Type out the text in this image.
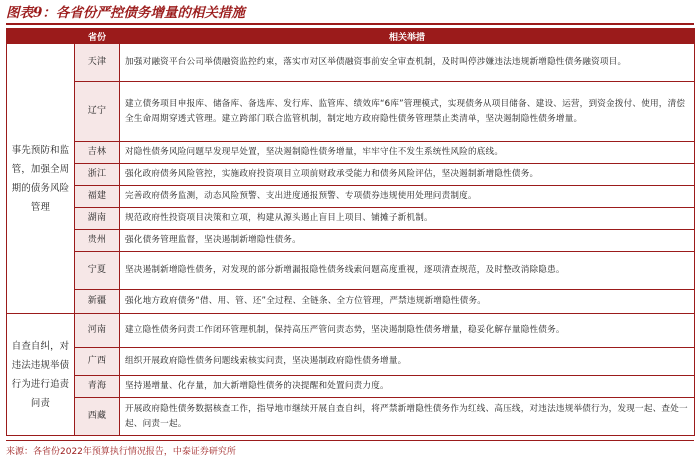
图表9：各省份严控债务增量的相关措施
	省份	相关举措
事先预防和监管，加强全周期的债务风险管理	天津	加强对融资平台公司举债融资监控约束，落实市对区举债融资事前安全审查机制，及时叫停涉嫌违法违规新增隐性债务融资项目。
	辽宁	建立债务项目申报库、储备库、备选库、发行库、监管库、绩效库“6库”管理模式，实现债务从项目储备、建设、运营，到资金拨付、使用，清偿全生命周期穿透式管理。建立跨部门联合监管机制，制定地方政府隐性债务管理禁止类清单，坚决遏制隐性债务增量。
	吉林	对隐性债务风险问题早发现早处置，坚决遏制隐性债务增量，牢牢守住不发生系统性风险的底线。
	浙江	强化政府债务风险管控，实施政府投资项目立项前财政承受能力和债务风险评估，坚决遏制新增隐性债务。
	福建	完善政府债务监测，动态风险预警、支出进度通报预警、专项债券违规使用处理问责制度。
	湖南	规范政府性投资项目决策和立项，构建从源头遏止盲目上项目、铺摊子新机制。
	贵州	强化债务管理监督，坚决遏制新增隐性债务。
	宁夏	坚决遏制新增隐性债务，对发现的部分新增漏报隐性债务线索问题高度重视，逐项清查规范，及时整改消除隐患。
	新疆	强化地方政府债务“借、用、管、还”全过程、全链条、全方位管理，严禁违规新增隐性债务。
自查自纠，对违法违规举债行为进行追责问责	河南	建立隐性债务问责工作闭环管理机制，保持高压严管问责态势，坚决遏制隐性债务增量，稳妥化解存量隐性债务。
	广西	组织开展政府隐性债务问题线索核实问责，坚决遏制政府隐性债务增量。
	青海	坚持遏增量、化存量，加大新增隐性债务的决提醒和处置问责力度。
	西藏	开展政府隐性债务数据核查工作，指导地市继续开展自查自纠，将严禁新增隐性债务作为红线、高压线，对违法违规举债行为，发现一起、查处一起、问责一起。
来源：各省份2022年预算执行情况报告，中泰证券研究所
